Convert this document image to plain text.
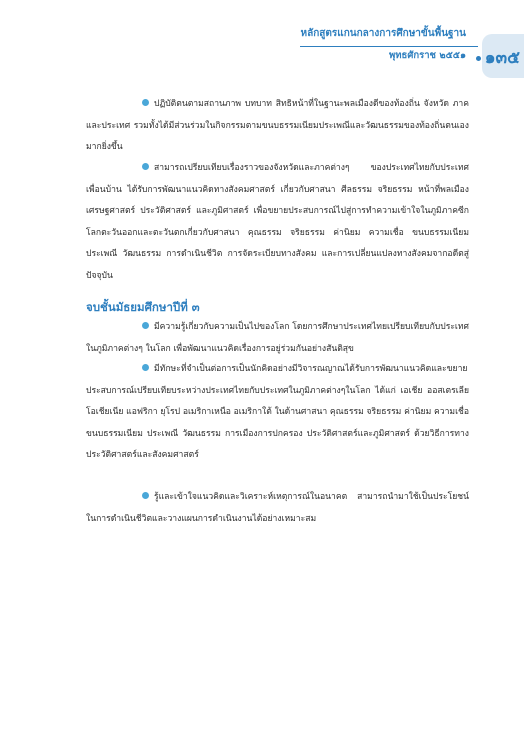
หลักสูตรแกนกลางการศึกษาขั้นพื้นฐาน
พุทธศักราช ๒๕๕๑ ๑๓๕
ปฏิบัติตนตามสถานภาพ บทบาท สิทธิหน้าที่ในฐานะพลเมืองดีของท้องถิ่น จังหวัด ภาค และประเทศ รวมทั้งได้มีส่วนร่วมในกิจกรรมตามขนบธรรมเนียมประเพณีและวัฒนธรรมของท้องถิ่นตนเองมากยิ่งขึ้น
สามารถเปรียบเทียบเรื่องราวของจังหวัดและภาคต่างๆ ของประเทศไทยกับประเทศเพื่อนบ้าน ได้รับการพัฒนาแนวคิดทางสังคมศาสตร์ เกี่ยวกับศาสนา ศีลธรรม จริยธรรม หน้าที่พลเมือง เศรษฐศาสตร์ ประวัติศาสตร์ และภูมิศาสตร์ เพื่อขยายประสบการณ์ไปสู่การทำความเข้าใจในภูมิภาคซีกโลกตะวันออกและตะวันตกเกี่ยวกับศาสนา คุณธรรม จริยธรรม ค่านิยม ความเชื่อ ขนบธรรมเนียม ประเพณี วัฒนธรรม การดำเนินชีวิต การจัดระเบียบทางสังคม และการเปลี่ยนแปลงทางสังคมจากอดีตสู่ปัจจุบัน
จบชั้นมัธยมศึกษาปีที่ ๓
มีความรู้เกี่ยวกับความเป็นไปของโลก โดยการศึกษาประเทศไทยเปรียบเทียบกับประเทศในภูมิภาคต่างๆ ในโลก เพื่อพัฒนาแนวคิดเรื่องการอยู่ร่วมกันอย่างสันติสุข
มีทักษะที่จำเป็นต่อการเป็นนักคิดอย่างมีวิจารณญาณได้รับการพัฒนาแนวคิดและขยายประสบการณ์เปรียบเทียบระหว่างประเทศไทยกับประเทศในภูมิภาคต่างๆในโลก ได้แก่ เอเชีย ออสเตรเลีย โอเชียเนีย แอฟริกา ยุโรป อเมริกาเหนือ อเมริกาใต้ ในด้านศาสนา คุณธรรม จริยธรรม ค่านิยม ความเชื่อ ขนบธรรมเนียม ประเพณี วัฒนธรรม การเมืองการปกครอง ประวัติศาสตร์และภูมิศาสตร์ ด้วยวิธีการทางประวัติศาสตร์และสังคมศาสตร์
รู้และเข้าใจแนวคิดและวิเคราะห์เหตุการณ์ในอนาคต สามารถนำมาใช้เป็นประโยชน์ในการดำเนินชีวิตและวางแผนการดำเนินงานได้อย่างเหมาะสม
